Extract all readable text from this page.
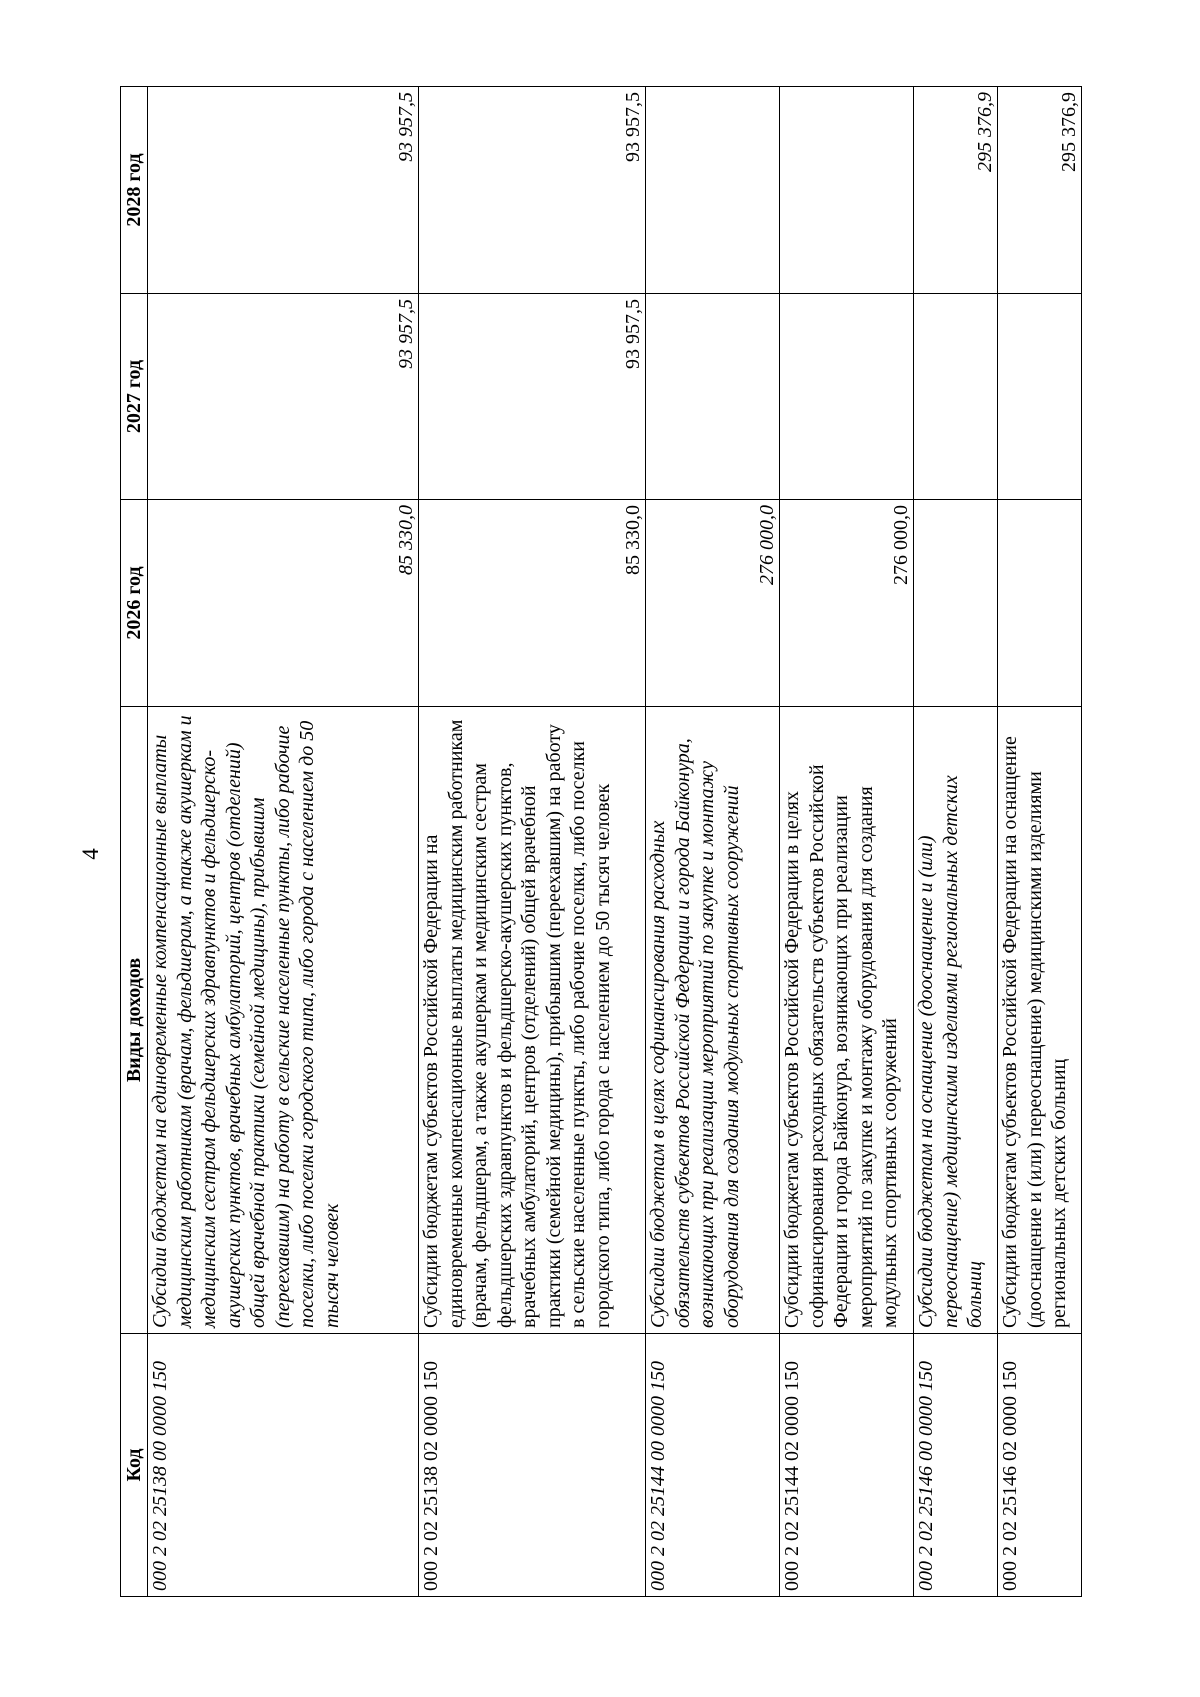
4
Код	Виды доходов	2026 год	2027 год	2028 год
000 2 02 25138 00 0000 150	Субсидии бюджетам на единовременные компенсационные выплаты медицинским работникам (врачам, фельдшерам, а также акушеркам и медицинским сестрам фельдшерских здравпунктов и фельдшерско-акушерских пунктов, врачебных амбулаторий, центров (отделений) общей врачебной практики (семейной медицины), прибывшим (переехавшим) на работу в сельские населенные пункты, либо рабочие поселки, либо поселки городского типа, либо города с населением до 50 тысяч человек	85 330,0	93 957,5	93 957,5
000 2 02 25138 02 0000 150	Субсидии бюджетам субъектов Российской Федерации на единовременные компенсационные выплаты медицинским работникам (врачам, фельдшерам, а также акушеркам и медицинским сестрам фельдшерских здравпунктов и фельдшерско-акушерских пунктов, врачебных амбулаторий, центров (отделений) общей врачебной практики (семейной медицины), прибывшим (переехавшим) на работу в сельские населенные пункты, либо рабочие поселки, либо поселки городского типа, либо города с населением до 50 тысяч человек	85 330,0	93 957,5	93 957,5
000 2 02 25144 00 0000 150	Субсидии бюджетам в целях софинансирования расходных обязательств субъектов Российской Федерации и города Байконура, возникающих при реализации мероприятий по закупке и монтажу оборудования для создания модульных спортивных сооружений	276 000,0		
000 2 02 25144 02 0000 150	Субсидии бюджетам субъектов Российской Федерации в целях софинансирования расходных обязательств субъектов Российской Федерации и города Байконура, возникающих при реализации мероприятий по закупке и монтажу оборудования для создания модульных спортивных сооружений	276 000,0		
000 2 02 25146 00 0000 150	Субсидии бюджетам на оснащение (дооснащение и (или) переоснащение) медицинскими изделиями региональных детских больниц			295 376,9
000 2 02 25146 02 0000 150	Субсидии бюджетам субъектов Российской Федерации на оснащение (дооснащение и (или) переоснащение) медицинскими изделиями региональных детских больниц			295 376,9
